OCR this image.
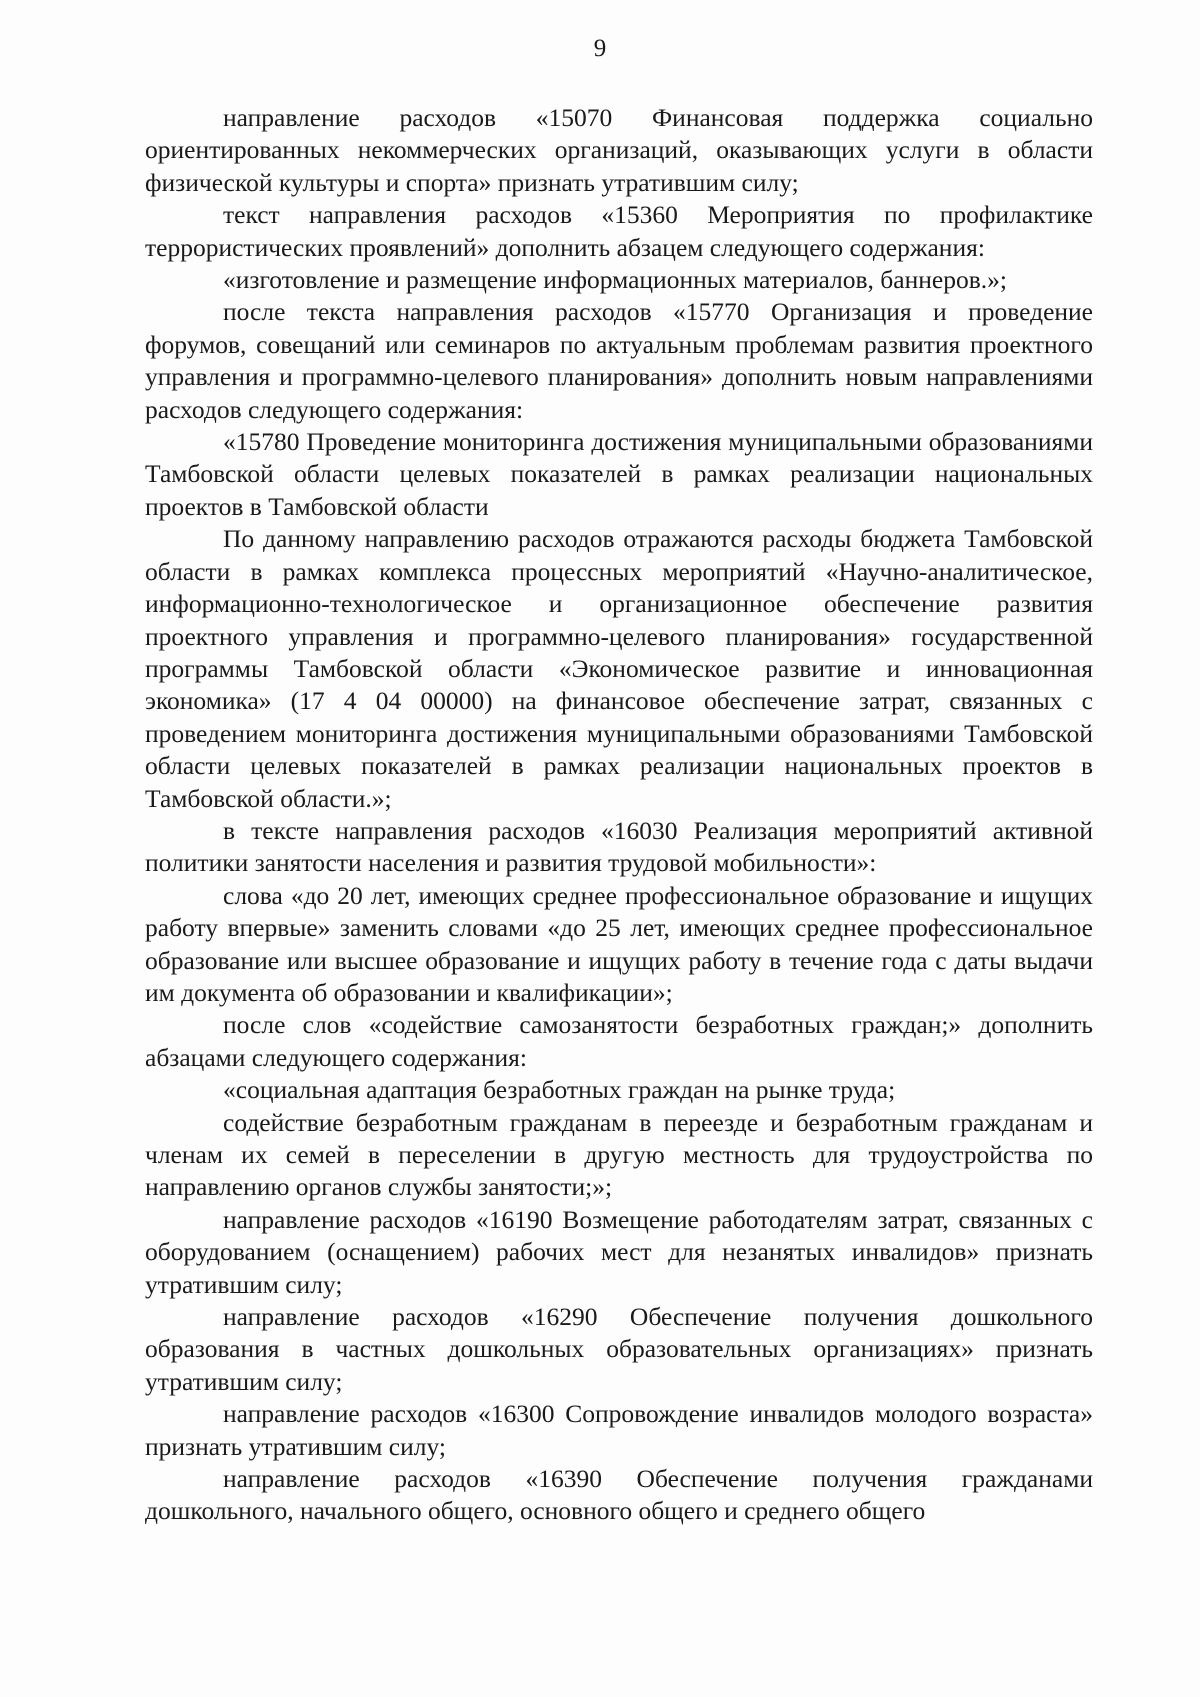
9

направление расходов «15070 Финансовая поддержка социально ориентированных некоммерческих организаций, оказывающих услуги в области физической культуры и спорта» признать утратившим силу;

текст направления расходов «15360 Мероприятия по профилактике террористических проявлений» дополнить абзацем следующего содержания:

«изготовление и размещение информационных материалов, баннеров.»;

после текста направления расходов «15770 Организация и проведение форумов, совещаний или семинаров по актуальным проблемам развития проектного управления и программно-целевого планирования» дополнить новым направлениями расходов следующего содержания:

«15780 Проведение мониторинга достижения муниципальными образованиями Тамбовской области целевых показателей в рамках реализации национальных проектов в Тамбовской области

По данному направлению расходов отражаются расходы бюджета Тамбовской области в рамках комплекса процессных мероприятий «Научно-аналитическое, информационно-технологическое и организационное обеспечение развития проектного управления и программно-целевого планирования» государственной программы Тамбовской области «Экономическое развитие и инновационная экономика» (17 4 04 00000) на финансовое обеспечение затрат, связанных с проведением мониторинга достижения муниципальными образованиями Тамбовской области целевых показателей в рамках реализации национальных проектов в Тамбовской области.»;

в тексте направления расходов «16030 Реализация мероприятий активной политики занятости населения и развития трудовой мобильности»:

слова «до 20 лет, имеющих среднее профессиональное образование и ищущих работу впервые» заменить словами «до 25 лет, имеющих среднее профессиональное образование или высшее образование и ищущих работу в течение года с даты выдачи им документа об образовании и квалификации»;

после слов «содействие самозанятости безработных граждан;» дополнить абзацами следующего содержания:

«социальная адаптация безработных граждан на рынке труда;

содействие безработным гражданам в переезде и безработным гражданам и членам их семей в переселении в другую местность для трудоустройства по направлению органов службы занятости;»;

направление расходов «16190 Возмещение работодателям затрат, связанных с оборудованием (оснащением) рабочих мест для незанятых инвалидов» признать утратившим силу;

направление расходов «16290 Обеспечение получения дошкольного образования в частных дошкольных образовательных организациях» признать утратившим силу;

направление расходов «16300 Сопровождение инвалидов молодого возраста» признать утратившим силу;

направление расходов «16390 Обеспечение получения гражданами дошкольного, начального общего, основного общего и среднего общего
